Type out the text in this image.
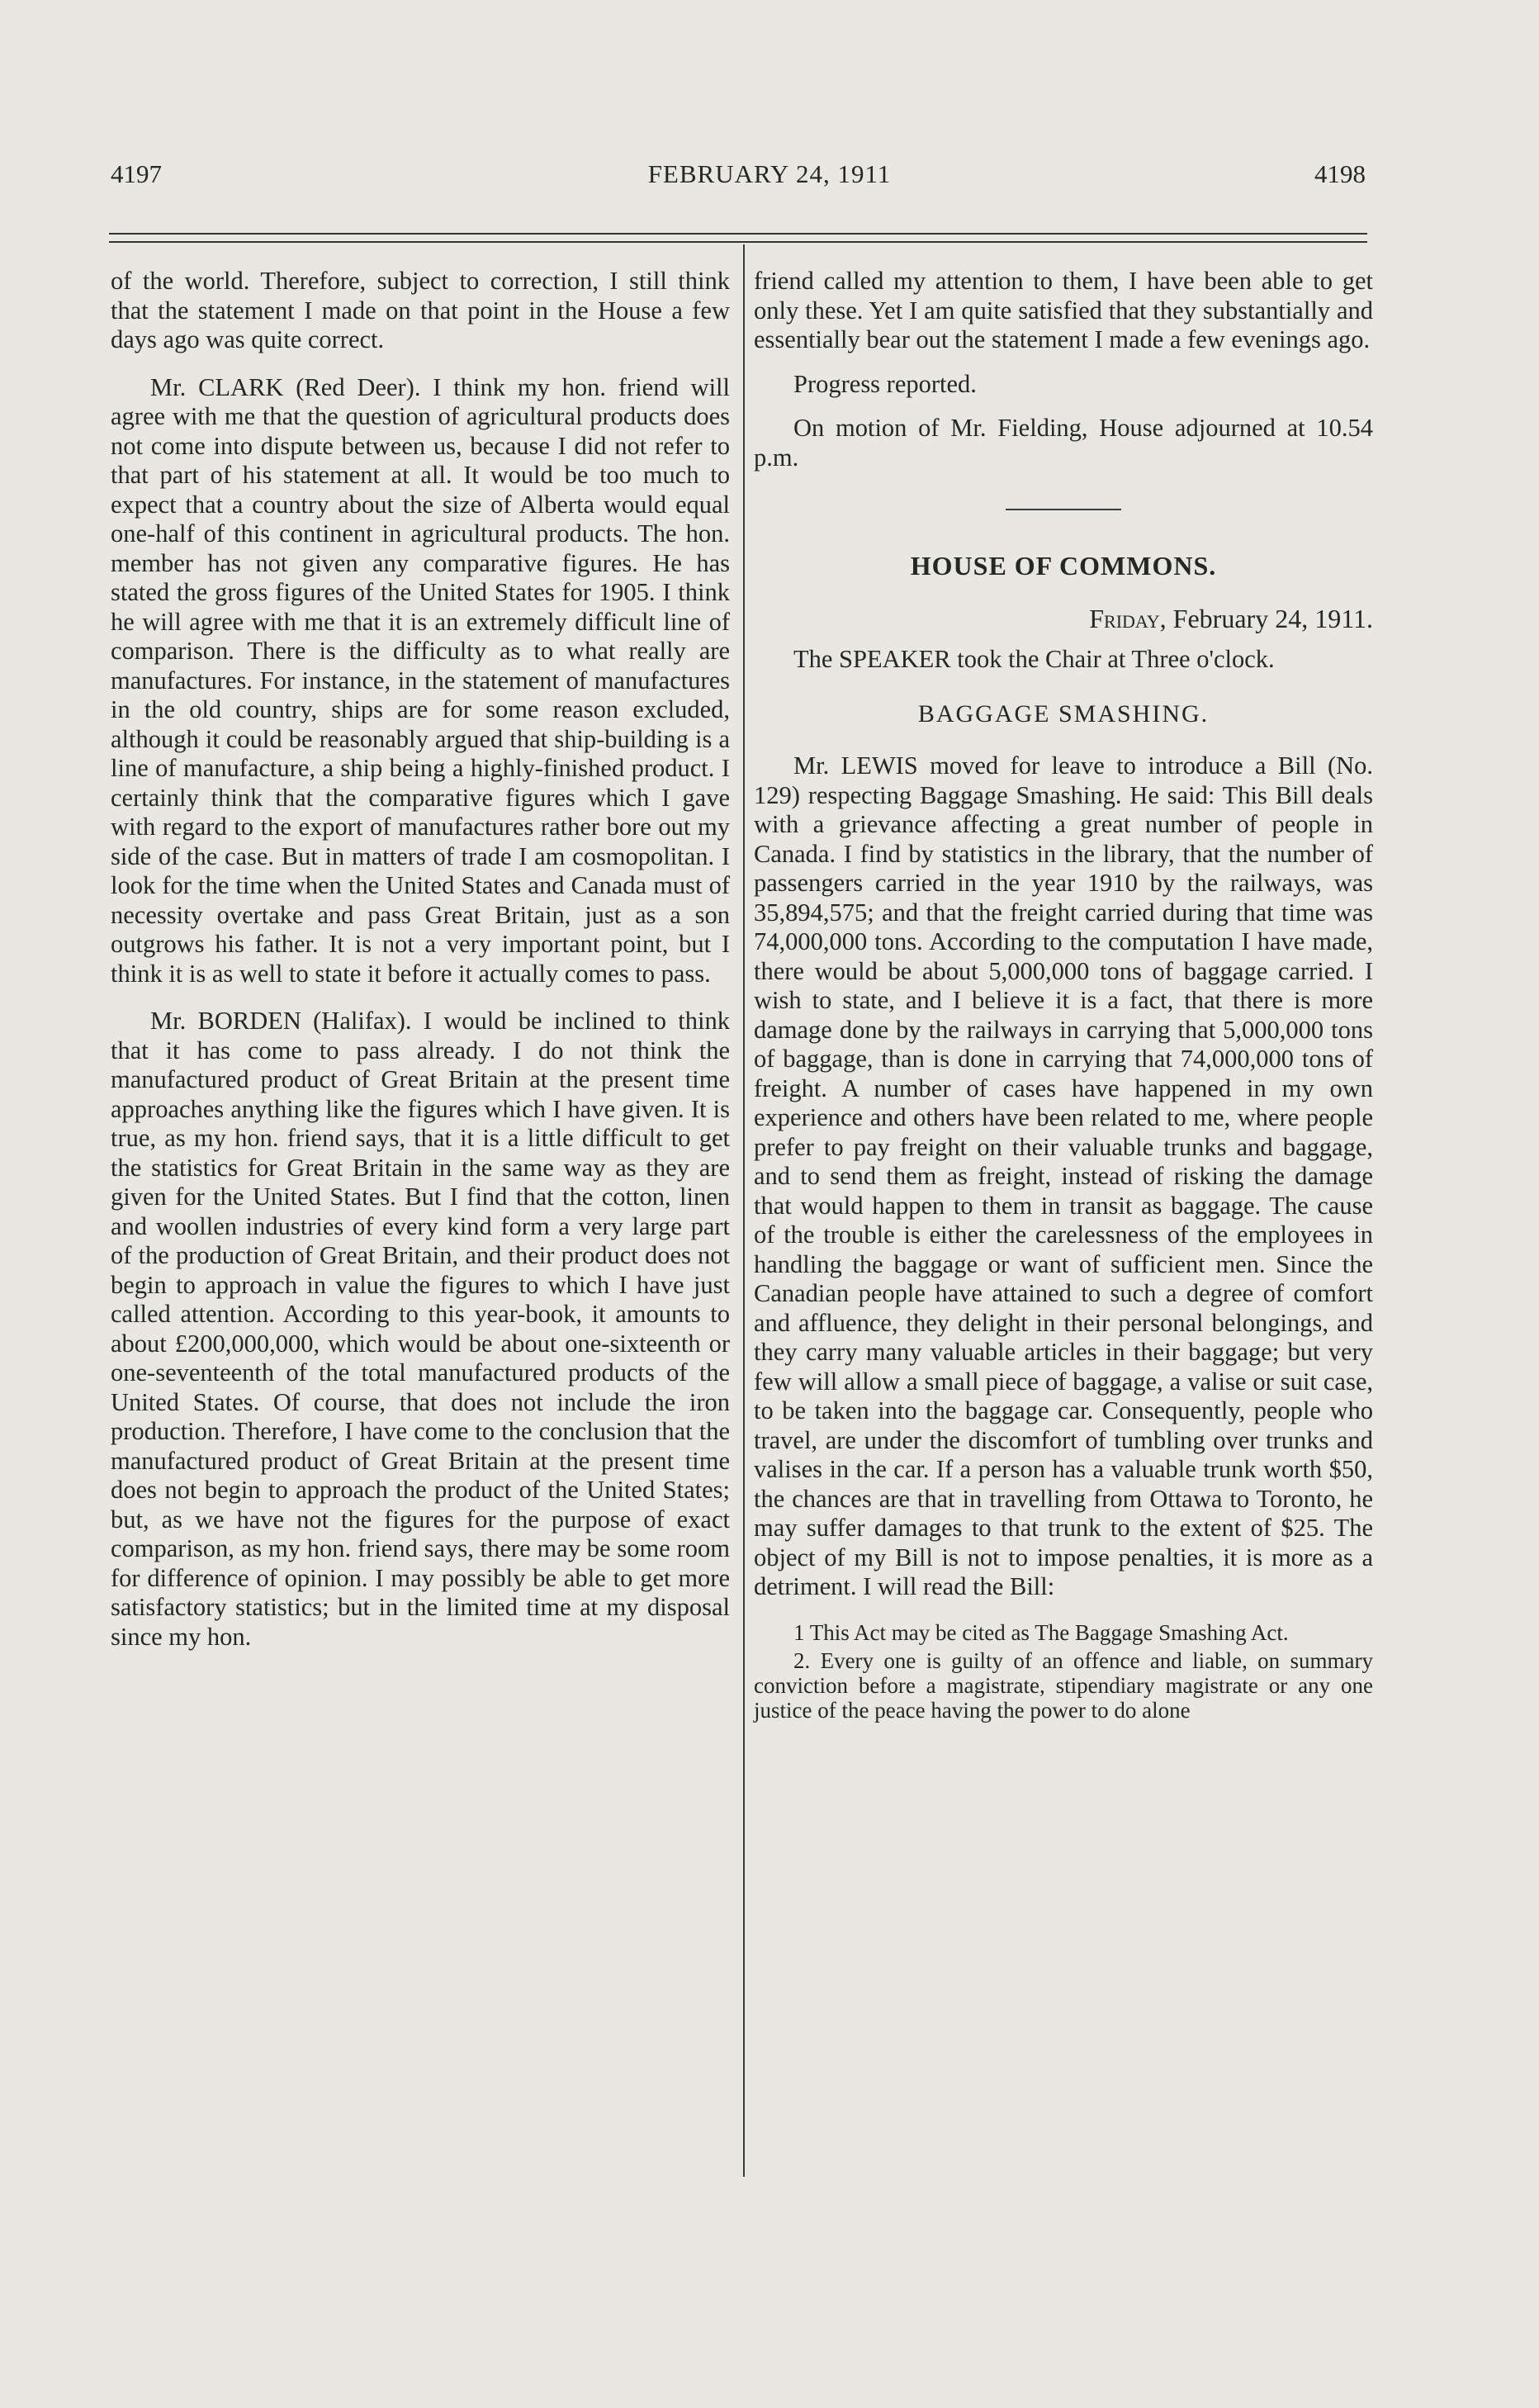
4197	FEBRUARY 24, 1911	4198

of the world. Therefore, subject to correction, I still think that the statement I made on that point in the House a few days ago was quite correct.

Mr. CLARK (Red Deer). I think my hon. friend will agree with me that the question of agricultural products does not come into dispute between us, because I did not refer to that part of his statement at all. It would be too much to expect that a country about the size of Alberta would equal one-half of this continent in agricultural products. The hon. member has not given any comparative figures. He has stated the gross figures of the United States for 1905. I think he will agree with me that it is an extremely difficult line of comparison. There is the difficulty as to what really are manufactures. For instance, in the statement of manufactures in the old country, ships are for some reason excluded, although it could be reasonably argued that ship-building is a line of manufacture, a ship being a highly-finished product. I certainly think that the comparative figures which I gave with regard to the export of manufactures rather bore out my side of the case. But in matters of trade I am cosmopolitan. I look for the time when the United States and Canada must of necessity overtake and pass Great Britain, just as a son outgrows his father. It is not a very important point, but I think it is as well to state it before it actually comes to pass.

Mr. BORDEN (Halifax). I would be inclined to think that it has come to pass already. I do not think the manufactured product of Great Britain at the present time approaches anything like the figures which I have given. It is true, as my hon. friend says, that it is a little difficult to get the statistics for Great Britain in the same way as they are given for the United States. But I find that the cotton, linen and woollen industries of every kind form a very large part of the production of Great Britain, and their product does not begin to approach in value the figures to which I have just called attention. According to this year-book, it amounts to about £200,000,000, which would be about one-sixteenth or one-seventeenth of the total manufactured products of the United States. Of course, that does not include the iron production. Therefore, I have come to the conclusion that the manufactured product of Great Britain at the present time does not begin to approach the product of the United States; but, as we have not the figures for the purpose of exact comparison, as my hon. friend says, there may be some room for difference of opinion. I may possibly be able to get more satisfactory statistics; but in the limited time at my disposal since my hon.

friend called my attention to them, I have been able to get only these. Yet I am quite satisfied that they substantially and essentially bear out the statement I made a few evenings ago.

Progress reported.

On motion of Mr. Fielding, House adjourned at 10.54 p.m.

HOUSE OF COMMONS.
Friday, February 24, 1911.

The SPEAKER took the Chair at Three o'clock.

BAGGAGE SMASHING.

Mr. LEWIS moved for leave to introduce a Bill (No. 129) respecting Baggage Smashing. He said: This Bill deals with a grievance affecting a great number of people in Canada. I find by statistics in the library, that the number of passengers carried in the year 1910 by the railways, was 35,894,575; and that the freight carried during that time was 74,000,000 tons. According to the computation I have made, there would be about 5,000,000 tons of baggage carried. I wish to state, and I believe it is a fact, that there is more damage done by the railways in carrying that 5,000,000 tons of baggage, than is done in carrying that 74,000,000 tons of freight. A number of cases have happened in my own experience and others have been related to me, where people prefer to pay freight on their valuable trunks and baggage, and to send them as freight, instead of risking the damage that would happen to them in transit as baggage. The cause of the trouble is either the carelessness of the employees in handling the baggage or want of sufficient men. Since the Canadian people have attained to such a degree of comfort and affluence, they delight in their personal belongings, and they carry many valuable articles in their baggage; but very few will allow a small piece of baggage, a valise or suit case, to be taken into the baggage car. Consequently, people who travel, are under the discomfort of tumbling over trunks and valises in the car. If a person has a valuable trunk worth $50, the chances are that in travelling from Ottawa to Toronto, he may suffer damages to that trunk to the extent of $25. The object of my Bill is not to impose penalties, it is more as a detriment. I will read the Bill:

1 This Act may be cited as The Baggage Smashing Act.

2. Every one is guilty of an offence and liable, on summary conviction before a magistrate, stipendiary magistrate or any one justice of the peace having the power to do alone
